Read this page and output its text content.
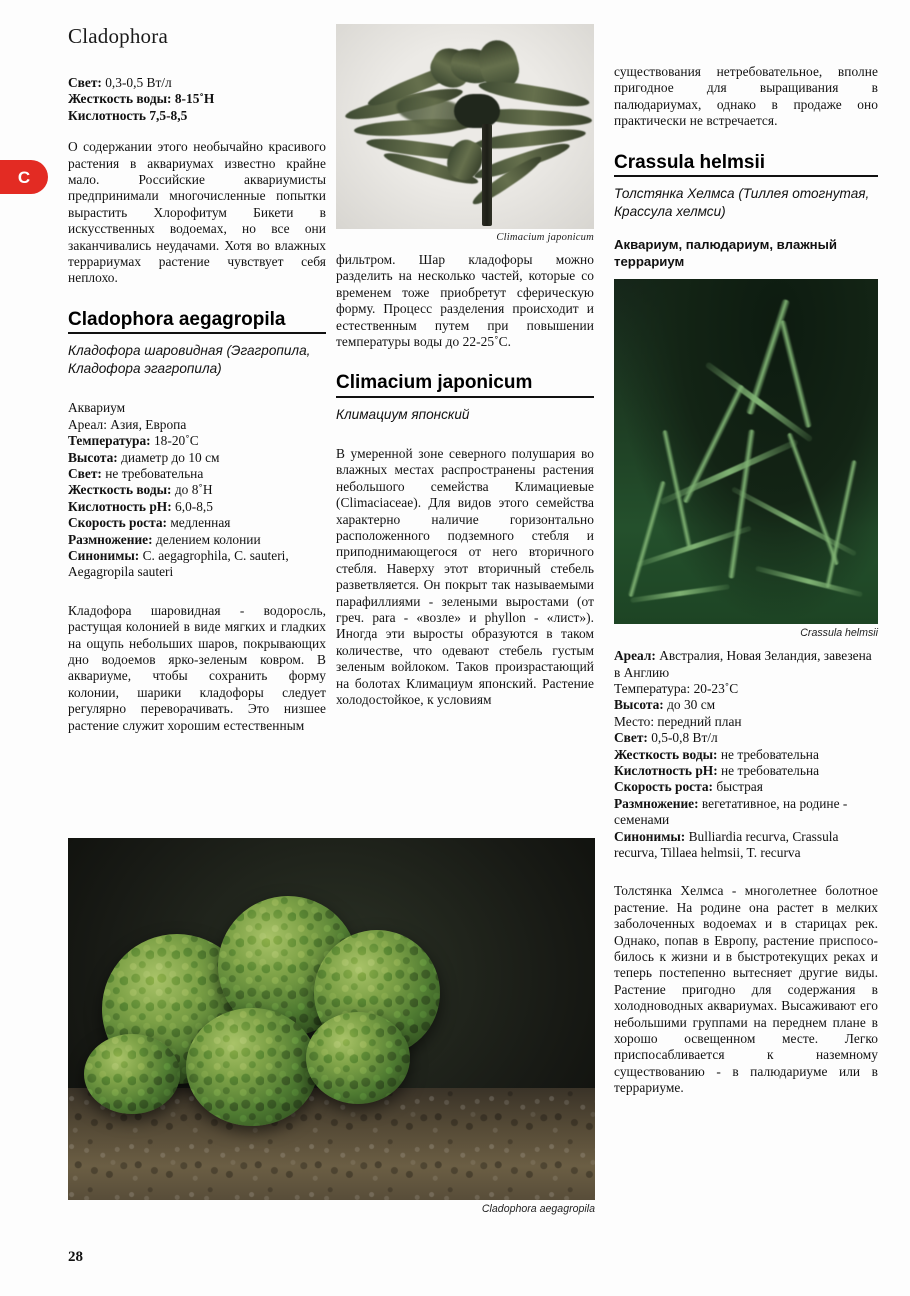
C
Cladophora
Свет: 0,3-0,5 Вт/л
Жесткость воды: 8-15˚H
Кислотность 7,5-8,5

О содержании этого необычайно красивого растения в аквариумах известно крайне мало. Российские аквариумисты предпринимали многочисленные попытки вырастить Хлорофитум Бикети в искусственных водоемах, но все они заканчивались неудачами. Хотя во влажных террариумах растение чувствует себя неплохо.

Cladophora aegagropila
Кладофора шаровидная (Эгагропила, Кладофора эгагропила)
Аквариум
Ареал: Азия, Европа
Температура: 18-20˚C
Высота: диаметр до 10 см
Свет: не требовательна
Жесткость воды: до 8˚H
Кислотность pH: 6,0-8,5
Скорость роста: медленная
Размножение: делением колонии
Синонимы: C. aegagrophila, C. sauteri, Aegagropila sauteri

Кладофора шаровидная - водоросль, растущая колонией в виде мягких и гладких на ощупь небольших шаров, покрывающих дно водоемов ярко-зеленым ковром. В аквариуме, чтобы сохранить форму колонии, шарики кладофоры следует регулярно переворачивать. Это низшее растение служит хорошим естественным

Climacium japonicum

фильтром. Шар кладофоры можно разделить на несколько частей, которые со временем тоже приобретут сферическую форму. Процесс разделения происходит и естественным путем при повышении температуры воды до 22-25˚C.

Climacium japonicum
Климациум японский

В умеренной зоне северного полушария во влажных местах распространены растения небольшого семейства Климациевые (Climaciaceae). Для видов этого семейства характерно наличие горизонтально расположенного подземного стебля и приподнимающегося от него вторичного стебля. Наверху этот вторичный стебель разветвляется. Он покрыт так называемыми парафиллиями - зелеными выростами (от греч. para - «возле» и phyllon - «лист»). Иногда эти выросты образуются в таком количестве, что одевают стебель густым зеленым войлоком. Таков произрастающий на болотах Климациум японский. Растение холодостойкое, к условиям

существования нетребовательное, вполне пригодное для выращивания в палюдариумах, однако в продаже оно практически не встречается.

Crassula helmsii
Толстянка Хелмса (Тиллея отогнутая, Крассула хелмси)
Аквариум, палюдариум, влажный террариум
Crassula helmsii
Ареал: Австралия, Новая Зеландия, завезена в Англию
Температура: 20-23˚C
Высота: до 30 см
Место: передний план
Свет: 0,5-0,8 Вт/л
Жесткость воды: не требовательна
Кислотность pH: не требовательна
Скорость роста: быстрая
Размножение: вегетативное, на родине - семенами
Синонимы: Bulliardia recurva, Crassula recurva, Tillaea helmsii, T. recurva

Толстянка Хелмса - многолетнее болотное растение. На родине она растет в мелких заболоченных водоемах и в старицах рек. Однако, попав в Европу, растение приспособилось к жизни и в быстротекущих реках и теперь постепенно вытесняет другие виды. Растение пригодно для содержания в холодноводных аквариумах. Высаживают его небольшими группами на переднем плане в хорошо освещенном месте. Легко приспосабливается к наземному существованию - в палюдариуме или в террариуме.

Cladophora aegagropila
28
